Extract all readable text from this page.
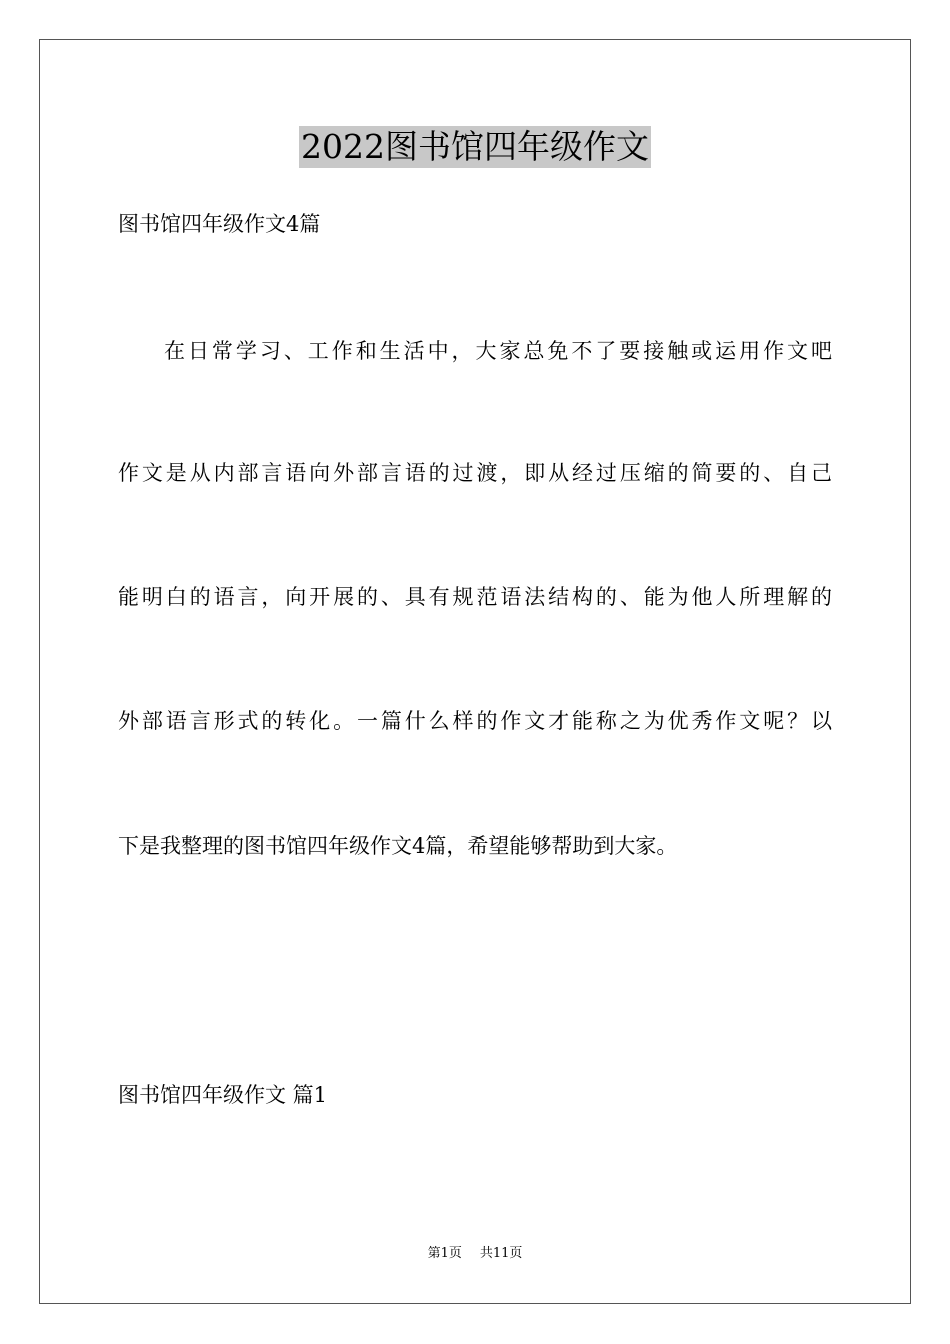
2022图书馆四年级作文
图书馆四年级作文4篇
在日常学习、工作和生活中，大家总免不了要接触或运用作文吧
作文是从内部言语向外部言语的过渡，即从经过压缩的简要的、自己
能明白的语言，向开展的、具有规范语法结构的、能为他人所理解的
外部语言形式的转化。一篇什么样的作文才能称之为优秀作文呢？以
下是我整理的图书馆四年级作文4篇，希望能够帮助到大家。
图书馆四年级作文 篇1
第1页 共11页
